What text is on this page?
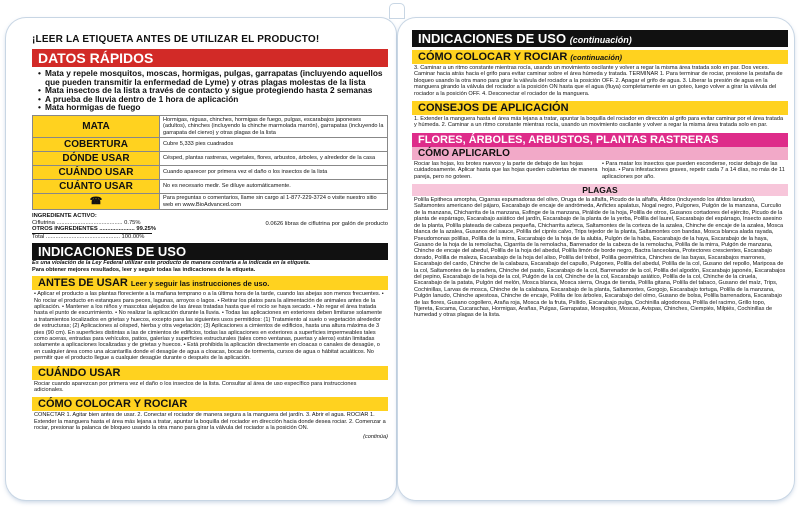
¡LEER LA ETIQUETA ANTES DE UTILIZAR EL PRODUCTO!

DATOS RÁPIDOS
• Mata y repele mosquitos, moscas, hormigas, pulgas, garrapatas (incluyendo aquellos que pueden transmitir la enfermedad de Lyme) y otras plagas molestas de la lista
• Mata insectos de la lista a través de contacto y sigue protegiendo hasta 2 semanas
• A prueba de lluvia dentro de 1 hora de aplicación
• Mata hormigas de fuego
MATA	Hormigas, niguas, chinches, hormigas de fuego, pulgas, escarabajos japoneses (adultos), chinches (incluyendo la chinche marmolada marrón), garrapatas (incluyendo la garrapata del ciervo) y otras plagas de la lista
COBERTURA	Cubre 5,333 pies cuadrados
DÓNDE USAR	Césped, plantas rastreras, vegetales, flores, arbustos, árboles, y alrededor de la casa
CUÁNDO USAR	Cuando aparecer por primera vez el daño o los insectos de la lista
CUÁNTO USAR	No es necesario medir. Se diluye automáticamente.
☎	Para preguntas o comentarios, llame sin cargo al 1-877-229-3724 o visite nuestro sitio web en www.BioAdvanced.com
INGREDIENTE ACTIVO:
Ciflutrina ......................................... 0.75%
OTROS INGREDIENTES ...................... 99.25%
Total .............................................. 100.00%
0.0626 libras de ciflutrina por galón de producto
INDICACIONES DE USO

Es una violación de la Ley Federal utilizar este producto de manera contraria a la indicada en la etiqueta.

Para obtener mejores resultados, leer y seguir todas las indicaciones de la etiqueta.

ANTES DE USAR Leer y seguir las instrucciones de uso.

• Aplicar el producto a las plantas floreciente a la mañana temprano o a la última hora de la tarde, cuando las abejas son menos frecuentes. • No rociar el producto en estanques para peces, lagunas, arroyos o lagos. • Retirar los platos para la alimentación de animales antes de la aplicación. • Mantener a los niños y mascotas alejados de las áreas tratadas hasta que el rocío se haya secado. • No regar el área tratada hasta el punto de escurrimiento. • No realizar la aplicación durante la lluvia. • Todas las aplicaciones en exteriores deben limitarse solamente a tratamientos localizados en grietas y huecos, excepto para las siguientes usos permitidos: (1) Tratamiento al suelo o vegetación alrededor de estructuras; (2) Aplicaciones al césped, hierba y otra vegetación; (3) Aplicaciones a cimientos de edificios, hasta una altura máxima de 3 pies (90 cm). En superficies distintas a las de cimientos de edificios, todas las aplicaciones en exteriores a superficies impermeables tales como aceras, entradas para vehículos, patios, galerías y superficies estructurales (tales como ventanas, puertas y aleros) están limitadas solamente a aplicaciones localizadas y de grietas y huecos. • Está prohibida la aplicación directamente en cloacas o canales de desagüe, o en cualquier área como una alcantarilla donde el desagüe de agua a cloacas, bocas de tormenta, cursos de agua o hábitat acuáticos. No permitir que el producto llegue a cualquier desagüe durante o después de la aplicación.

CUÁNDO USAR

Rociar cuando aparezcan por primera vez el daño o los insectos de la lista. Consultar al área de uso específico para instrucciones adicionales.

CÓMO COLOCAR Y ROCIAR

CONECTAR 1. Agitar bien antes de usar. 2. Conectar el rociador de manera segura a la manguera del jardín. 3. Abrir el agua. ROCIAR 1. Extender la manguera hasta el área más lejana a tratar, apuntar la boquilla del rociador en dirección hacia donde desea rociar. 2. Comenzar a rociar, presionar la palanca de bloqueo usando la otra mano para girar la válvula del rociador a la posición ON.

(continúa)
INDICACIONES DE USO (continuación)
CÓMO COLOCAR Y ROCIAR (continuación)

3. Caminar a un ritmo constante mientras rocía, usando un movimiento oscilante y volver a regar la misma área tratada solo en par. Dos veces. Caminar hacia atrás hacia el grifo para evitar caminar sobre el área húmeda y tratada. TERMINAR 1. Para terminar de rociar, presione la pestaña de bloqueo usando la otra mano para girar la válvula del rociador a la posición OFF. 2. Apagar el grifo de agua. 3. Liberar la presión de agua en la manguera girando la válvula del rociador a la posición ON hasta que el agua (fluya) completamente en un goteo, luego volver a girar la válvula del rociador a la posición OFF. 4. Desconectar el rociador de la manguera.

CONSEJOS DE APLICACIÓN

1. Extender la manguera hasta el área más lejana a tratar, apuntar la boquilla del rociador en dirección al grifo para evitar caminar por el área tratada y húmeda. 2. Caminar a un ritmo constante mientras rocía, usando un movimiento oscilante y volver a regar la misma área tratada solo en par.

FLORES, ÁRBOLES, ARBUSTOS, PLANTAS RASTRERAS
CÓMO APLICARLO

Rociar las hojas, los brotes nuevos y la parte de debajo de las hojas cuidadosamente. Aplicar hasta que las hojas queden cubiertas de manera pareja, pero no goteen.

• Para matar los insectos que pueden esconderse, rociar debajo de las hojas. • Para infestaciones graves, repetir cada 7 a 14 días, no más de 11 aplicaciones por año.

PLAGAS

Polilla Epitheca amorpha, Cigarras espumadoras del olivo, Oruga de la alfalfa, Picudo de la alfalfa, Áfidos (incluyendo los áfidos lanudos), Saltamontes americano del pájaro, Escarabajo de encaje de andrómeda, Anfictes apalatus, Nogal negro, Pulgones, Pulgón de la manzana, Curculio de la manzana, Chicharrita de la manzana, Esfinge de la manzana, Pirálide de la hoja, Polilla de otros, Gusanos cortadores del ejército, Picudo de la planta de espárrago, Escarabajo asiático del jardín, Escarabajo de la planta de la yerba, Polilla del laurel, Escarabajo del espárrago, Insecto asesino de la planta, Polilla plateada de cabeza pequeña, Chicharrita azteca, Saltamontes de la corteza de la azalea, Chinche de encaje de la azalea, Mosca blanca de la azalea, Gusanos del sauce, Polilla del ciprés calvo, Trips tejedor de la planta, Saltamontes con bandas, Mosca blanca alada rayada, Pseudomonas polillas, Polilla de la mirra, Escarabajo de la hoja de la alubia, Pulgón de la haba, Escarabajo de la haya, Escarabajo de la haya, Gusano de la hoja de la remolacha, Cigarrita de la remolacha, Barrenador de la cabeza de la remolacha, Polilla de la mirra, Pulgón de manzana, Chinche de encaje del abedul, Polilla de la hoja del abedul, Polilla limón de borde negro, Bactra lanceolana, Protectores crescientes, Escarabajo dorado, Polilla de maleza, Escarabajo de la hoja del aliso, Polilla del trébol, Polilla geométrica, Chinches de las bayas, Escarabajos marrones, Escarabajo del cardo, Chinche de la calabaza, Escarabajo del capullo, Pulgones, Polilla del abedul, Polilla de la col, Gusano del repollo, Mariposa de la col, Saltamontes de la pradera, Chinche del pasto, Escarabajo de la col, Barrenador de la col, Polilla del algodón, Escarabajo japonés, Escarabajos del pepino, Escarabajo de la hoja de la col, Pulgón de la col, Chinche de la col, Escarabajo asiático, Polilla de la col, Chinche de la ciruela, Escarabajo de la patata, Pulgón del melón, Mosca blanca, Mosca sierra, Oruga de tienda, Polilla gitana, Polilla del tabaco, Gusano del maíz, Trips, Cochinillas, Larvas de mosca, Chinche de la calabaza, Escarabajo de la planta, Saltamontes, Gorgojo, Escarabajo tortuga, Polilla de la manzana, Pulgón lanudo, Chinche apestosa, Chinche de encaje, Polilla de los árboles, Escarabajo del olmo, Gusano de bolsa, Polilla barrenadora, Escarabajo de las flores, Gusano cogollero, Araña roja, Mosca de la fruta, Psílido, Escarabajo pulga, Cochinilla algodonosa, Polilla del racimo, Grillo topo, Tijereta, Escama, Cucarachas, Hormigas, Arañas, Pulgas, Garrapatas, Mosquitos, Moscas, Avispas, Chinches, Ciempiés, Milpiés, Cochinillas de humedad y otras plagas de la lista.
